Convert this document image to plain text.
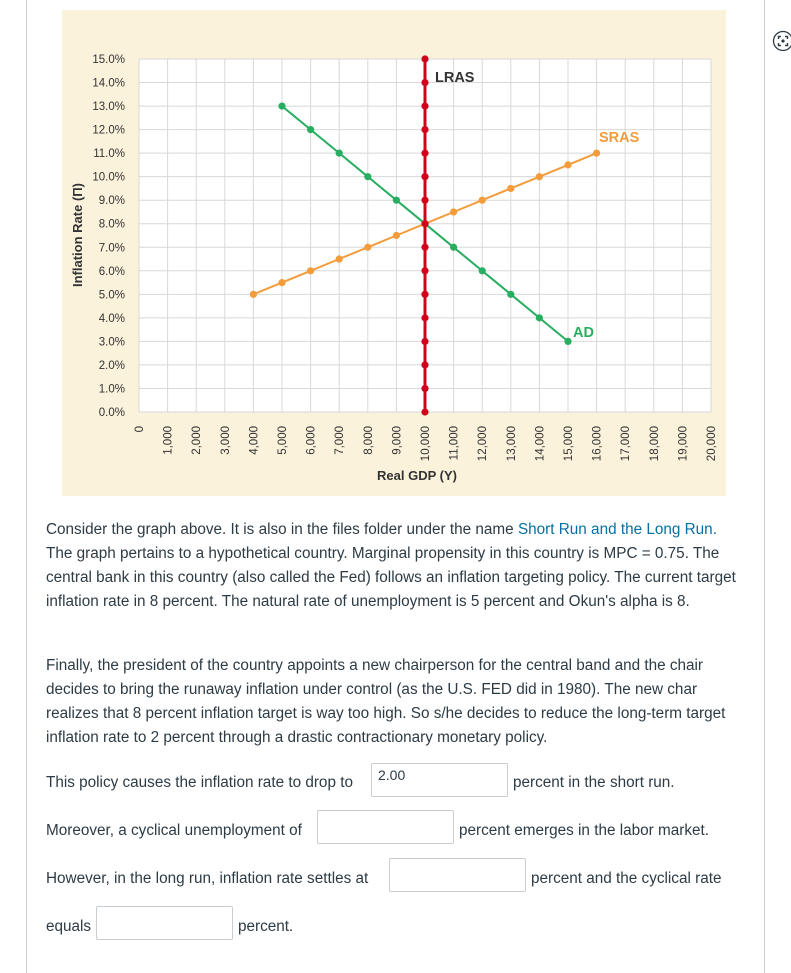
0.0%
1.0%
2.0%
3.0%
4.0%
5.0%
6.0%
7.0%
8.0%
9.0%
10.0%
11.0%
12.0%
13.0%
14.0%
15.0%
0 1,000 2,000 3,000 4,000 5,000 6,000 7,000 8,000 9,000 10,000 11,000 12,000 13,000 14,000 15,000 16,000 17,000 18,000 19,000 20,000
Real GDP (Y)
Inflation Rate (Π)
LRAS
SRAS
AD

Consider the graph above. It is also in the files folder under the name Short Run and the Long Run. The graph pertains to a hypothetical country. Marginal propensity in this country is MPC = 0.75. The central bank in this country (also called the Fed) follows an inflation targeting policy. The current target inflation rate in 8 percent. The natural rate of unemployment is 5 percent and Okun's alpha is 8.

Finally, the president of the country appoints a new chairperson for the central band and the chair decides to bring the runaway inflation under control (as the U.S. FED did in 1980). The new char realizes that 8 percent inflation target is way too high. So s/he decides to reduce the long-term target inflation rate to 2 percent through a drastic contractionary monetary policy.

This policy causes the inflation rate to drop to
2.00	percent in the short run.
Moreover, a cyclical unemployment of	percent emerges in the labor market.
However, in the long run, inflation rate settles at	percent and the cyclical rate
equals	percent.
